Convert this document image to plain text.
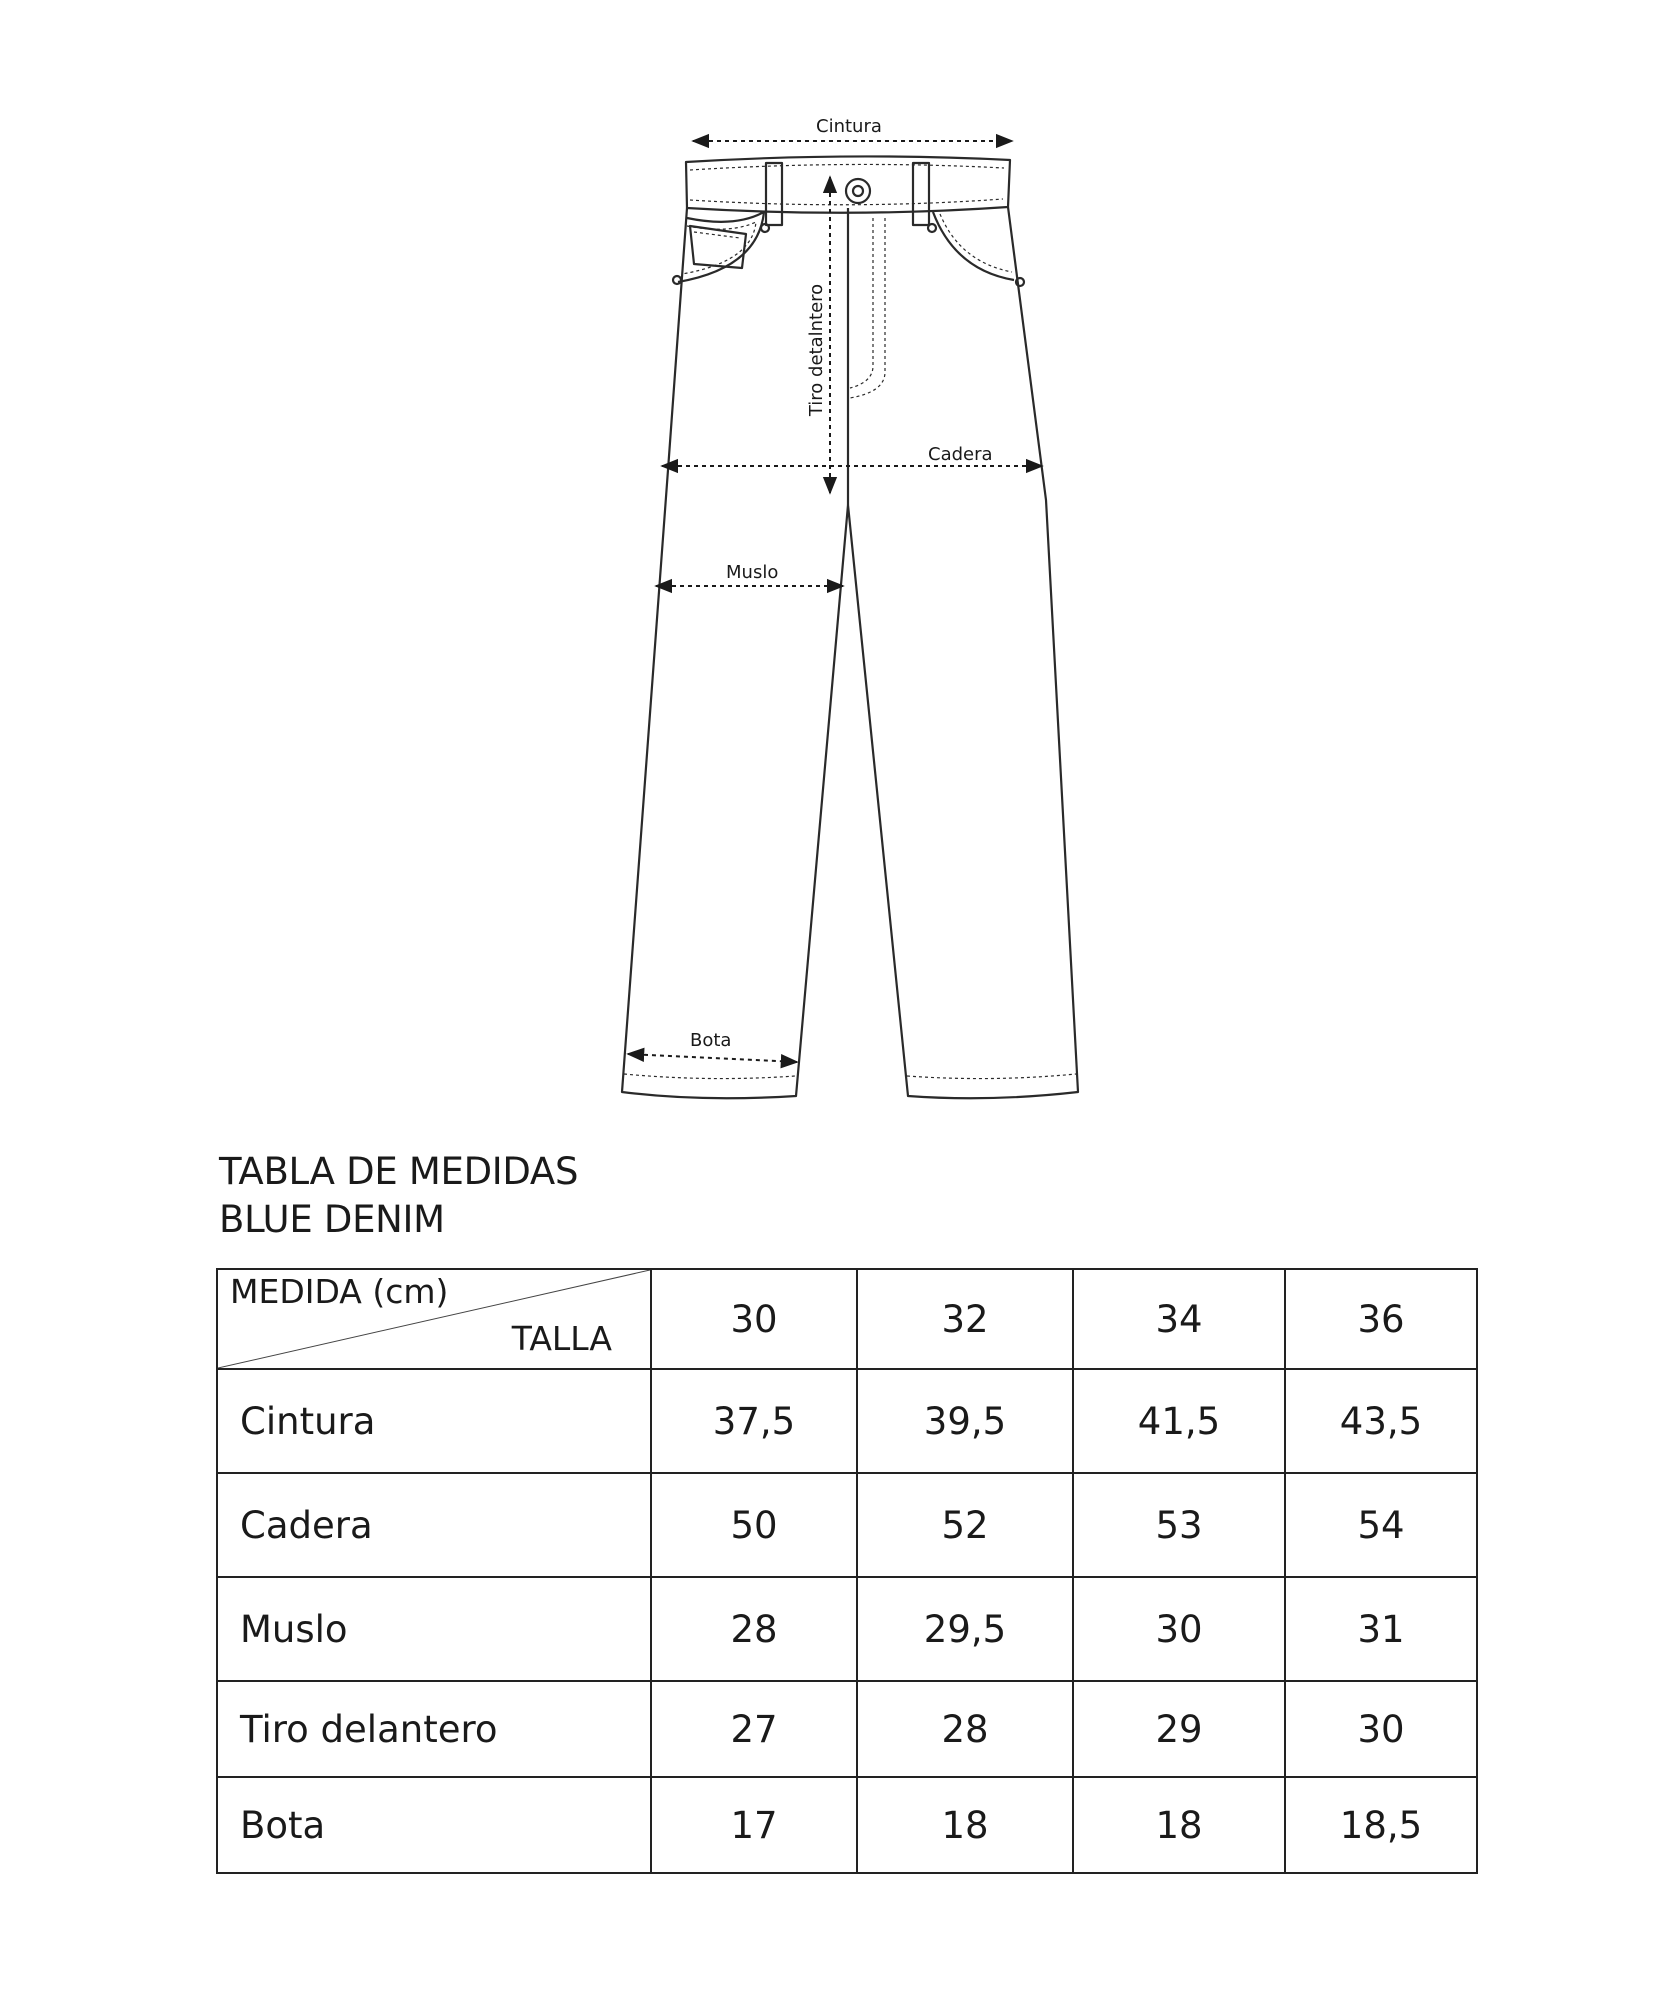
Cintura
Tiro detalntero
Cadera
Muslo
Bota
TABLA DE MEDIDAS
BLUE DENIM
MEDIDA (cm)
TALLA	30	32	34	36
Cintura	37,5	39,5	41,5	43,5
Cadera	50	52	53	54
Muslo	28	29,5	30	31
Tiro delantero	27	28	29	30
Bota	17	18	18	18,5
